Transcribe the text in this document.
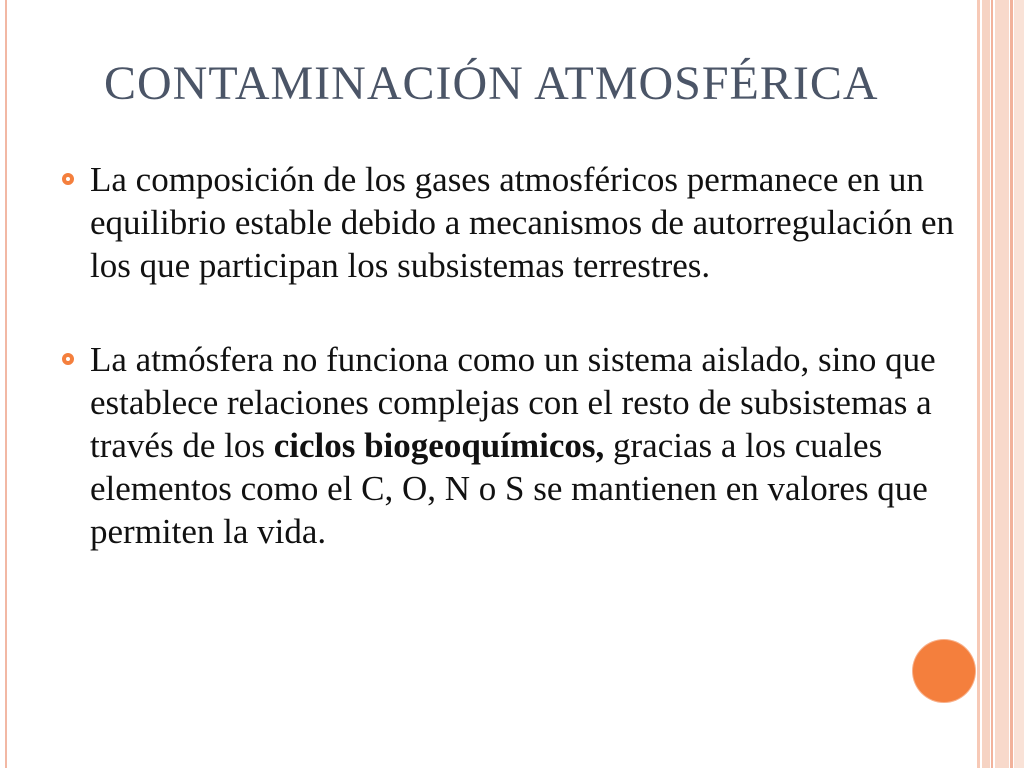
CONTAMINACIÓN ATMOSFÉRICA
La composición de los gases atmosféricos permanece en un equilibrio estable debido a mecanismos de autorregulación en los que participan los subsistemas terrestres.
La atmósfera no funciona como un sistema aislado, sino que establece relaciones complejas con el resto de subsistemas a través de los ciclos biogeoquímicos, gracias a los cuales elementos como el C, O, N o S se mantienen en valores que permiten la vida.
